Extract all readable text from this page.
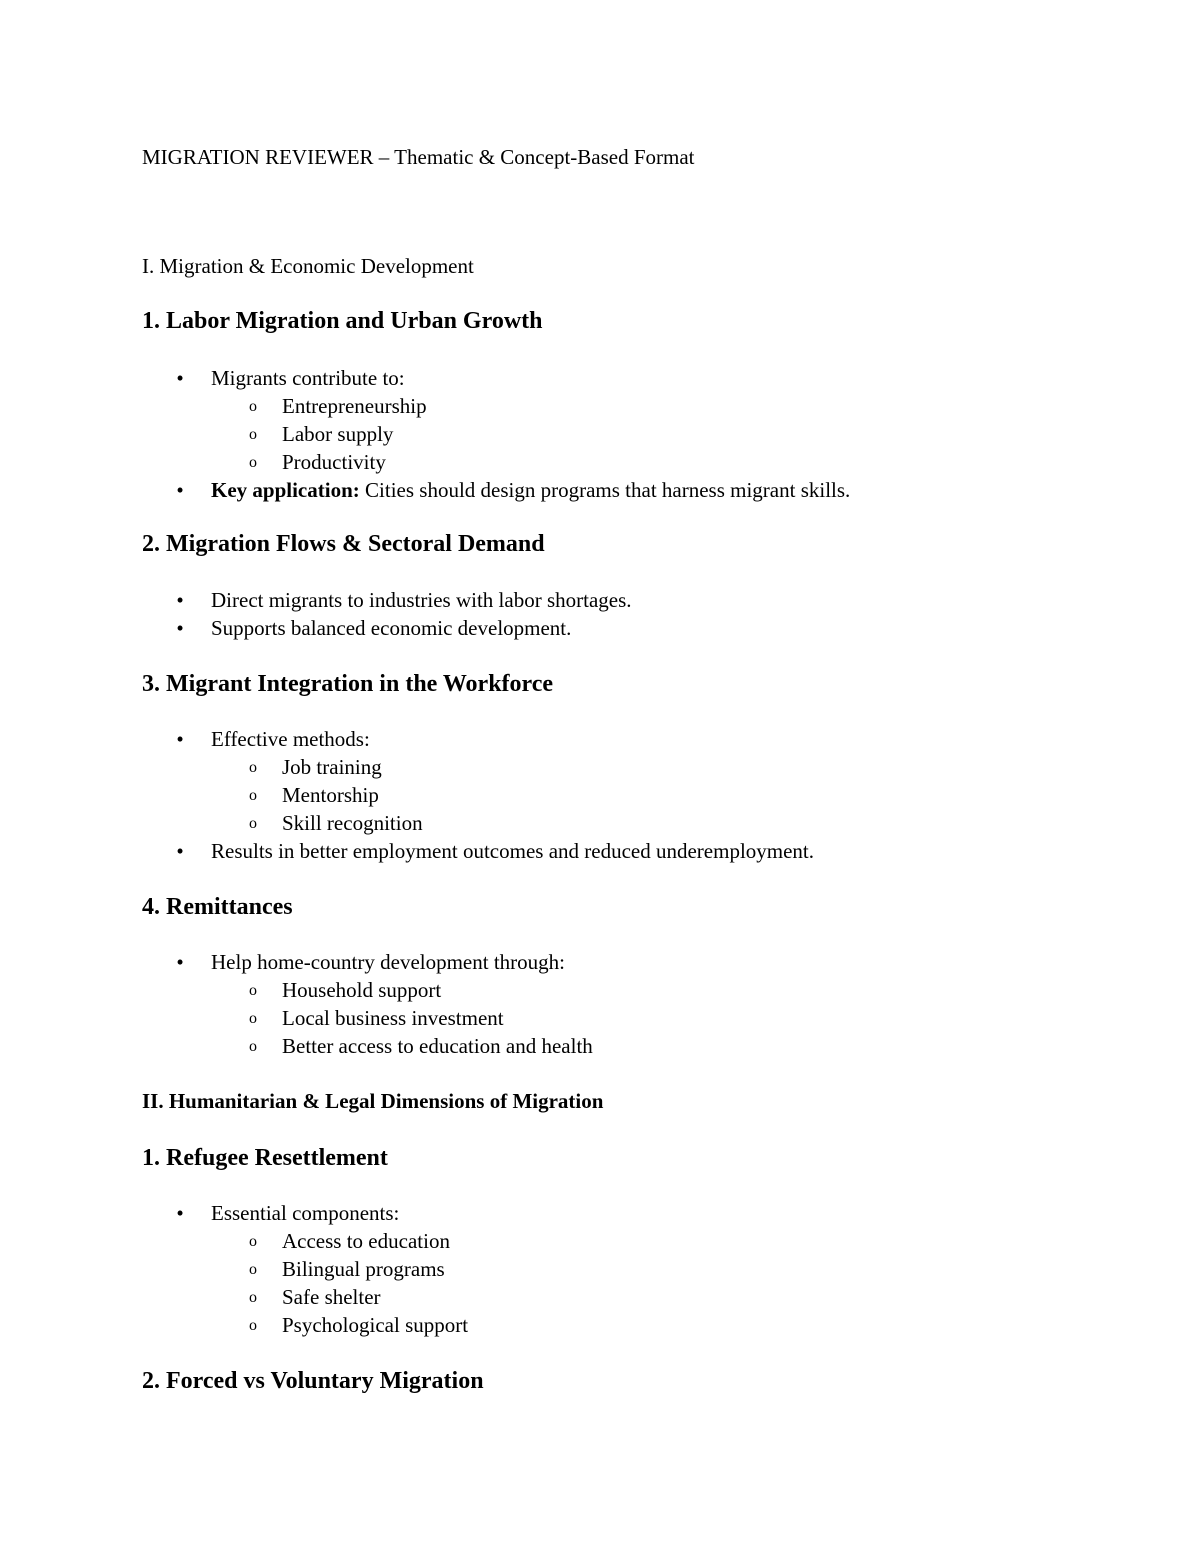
MIGRATION REVIEWER – Thematic & Concept-Based Format
I. Migration & Economic Development
1. Labor Migration and Urban Growth
• Migrants contribute to:
o Entrepreneurship
o Labor supply
o Productivity
• Key application: Cities should design programs that harness migrant skills.
2. Migration Flows & Sectoral Demand
• Direct migrants to industries with labor shortages.
• Supports balanced economic development.
3. Migrant Integration in the Workforce
• Effective methods:
o Job training
o Mentorship
o Skill recognition
• Results in better employment outcomes and reduced underemployment.
4. Remittances
• Help home-country development through:
o Household support
o Local business investment
o Better access to education and health
II. Humanitarian & Legal Dimensions of Migration
1. Refugee Resettlement
• Essential components:
o Access to education
o Bilingual programs
o Safe shelter
o Psychological support
2. Forced vs Voluntary Migration
